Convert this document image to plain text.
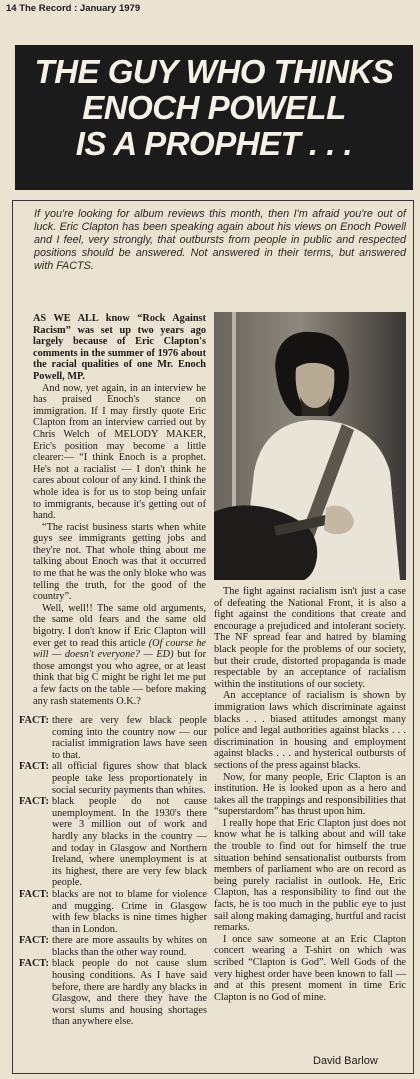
14 The Record : January 1979
THE GUY WHO THINKS
ENOCH POWELL
IS A PROPHET . . .

If you're looking for album reviews this month, then I'm afraid you're out of luck. Eric Clapton has been speaking again about his views on Enoch Powell and I feel, very strongly, that outbursts from people in public and respected positions should be answered. Not answered in their terms, but answered with FACTS.

AS WE ALL know “Rock Against Racism” was set up two years ago largely because of Eric Clapton's comments in the summer of 1976 about the racial qualities of one Mr. Enoch Powell, MP.

And now, yet again, in an interview he has praised Enoch's stance on immigration. If I may firstly quote Eric Clapton from an interview carried out by Chris Welch of MELODY MAKER, Eric's position may become a little clearer:— “I think Enoch is a prophet. He's not a racialist — I don't think he cares about colour of any kind. I think the whole idea is for us to stop being unfair to immigrants, because it's getting out of hand.

“The racist business starts when white guys see immigrants getting jobs and they're not. That whole thing about me talking about Enoch was that it occurred to me that he was the only bloke who was telling the truth, for the good of the country”.

Well, well!! The same old arguments, the same old fears and the same old bigotry. I don't know if Eric Clapton will ever get to read this article (Of course he will — doesn't everyone? — ED) but for those amongst you who agree, or at least think that big C might be right let me put a few facts on the table — before making any rash statements O.K.?

FACT: there are very few black people coming into the country now — our racialist immigration laws have seen to that.
FACT: all official figures show that black people take less proportionately in social security payments than whites.
FACT: black people do not cause unemployment. In the 1930's there were 3 million out of work and hardly any blacks in the country — and today in Glasgow and Northern Ireland, where unemployment is at its highest, there are very few black people.
FACT: blacks are not to blame for violence and mugging. Crime in Glasgow with few blacks is nine times higher than in London.
FACT: there are more assaults by whites on blacks than the other way round.
FACT: black people do not cause slum housing conditions. As I have said before, there are hardly any blacks in Glasgow, and there they have the worst slums and housing shortages than anywhere else.

The fight against racialism isn't just a case of defeating the National Front, it is also a fight against the conditions that create and encourage a prejudiced and intolerant society. The NF spread fear and hatred by blaming black people for the problems of our society, but their crude, distorted propaganda is made respectable by an acceptance of racialism within the institutions of our society.

An acceptance of racialism is shown by immigration laws which discriminate against blacks . . . biased attitudes amongst many police and legal authorities against blacks . . . discrimination in housing and employment against blacks . . . and hysterical outbursts of sections of the press against blacks.

Now, for many people, Eric Clapton is an institution. He is looked upon as a hero and takes all the trappings and responsibilities that “superstardom” has thrust upon him.

I really hope that Eric Clapton just does not know what he is talking about and will take the trouble to find out for himself the true situation behind sensationalist outbursts from members of parliament who are on record as being purely racialist in outlook. He, Eric Clapton, has a responsibility to find out the facts, he is too much in the public eye to just sail along making damaging, hurtful and racist remarks.

I once saw someone at an Eric Clapton concert wearing a T-shirt on which was scribed “Clapton is God”. Well Gods of the very highest order have been known to fall — and at this present moment in time Eric Clapton is no God of mine.

David Barlow
